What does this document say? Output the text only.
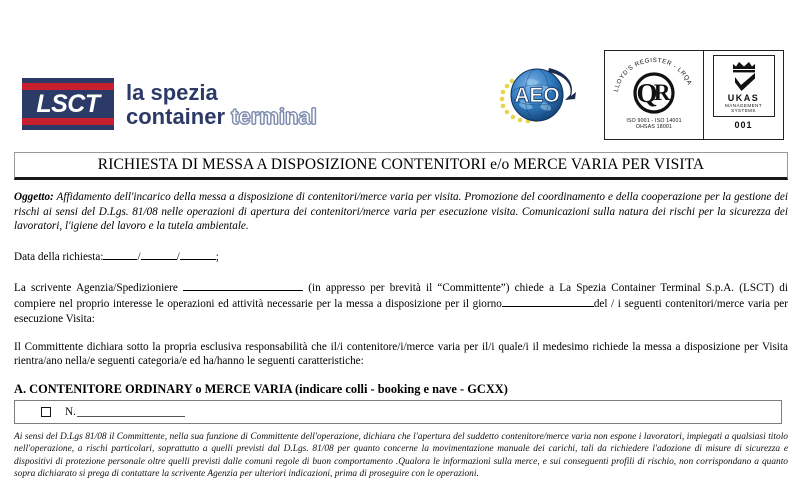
LSCT la spezia
container terminal
AEO	LLOYD'S REGISTER - LRQA
Q
R
ISO 9001 - ISO 14001
OHSAS 18001
UKAS
MANAGEMENT
SYSTEMS
001
RICHIESTA DI MESSA A DISPOSIZIONE CONTENITORI e/o MERCE VARIA PER VISITA

Oggetto: Affidamento dell'incarico della messa a disposizione di contenitori/merce varia per visita. Promozione del coordinamento e della cooperazione per la gestione dei rischi ai sensi del D.Lgs. 81/08 nelle operazioni di apertura dei contenitori/merce varia per esecuzione visita. Comunicazioni sulla natura dei rischi per la sicurezza dei lavoratori, l'igiene del lavoro e la tutela ambientale.

Data della richiesta:	/	/	;

La scrivente Agenzia/Spedizioniere	(in appresso per brevità il “Committente”) chiede a La Spezia Container Terminal S.p.A. (LSCT) di compiere nel proprio interesse le operazioni ed attività necessarie per la messa a disposizione per il giorno	del / i seguenti contenitori/merce varia per esecuzione Visita:

Il Committente dichiara sotto la propria esclusiva responsabilità che il/i contenitore/i/merce varia per il/i quale/i il medesimo richiede la messa a disposizione per Visita rientra/ano nella/e seguenti categoria/e ed ha/hanno le seguenti caratteristiche:

A. CONTENITORE ORDINARY o MERCE VARIA (indicare colli - booking e nave - GCXX)

N.

Ai sensi del D.Lgs 81/08 il Committente, nella sua funzione di Committente dell'operazione, dichiara che l'apertura del suddetto contenitore/merce varia non espone i lavoratori, impiegati a qualsiasi titolo nell'operazione, a rischi particolari, soprattutto a quelli previsti dal D.Lgs. 81/08 per quanto concerne la movimentazione manuale dei carichi, tali da richiedere l'adozione di misure di sicurezza e dispositivi di protezione personale oltre quelli previsti dalle comuni regole di buon comportamento .Qualora le informazioni sulla merce, e sui conseguenti profili di rischio, non corrispondano a quanto sopra dichiarato si prega di contattare la scrivente Agenzia per ulteriori indicazioni, prima di proseguire con le operazioni.
